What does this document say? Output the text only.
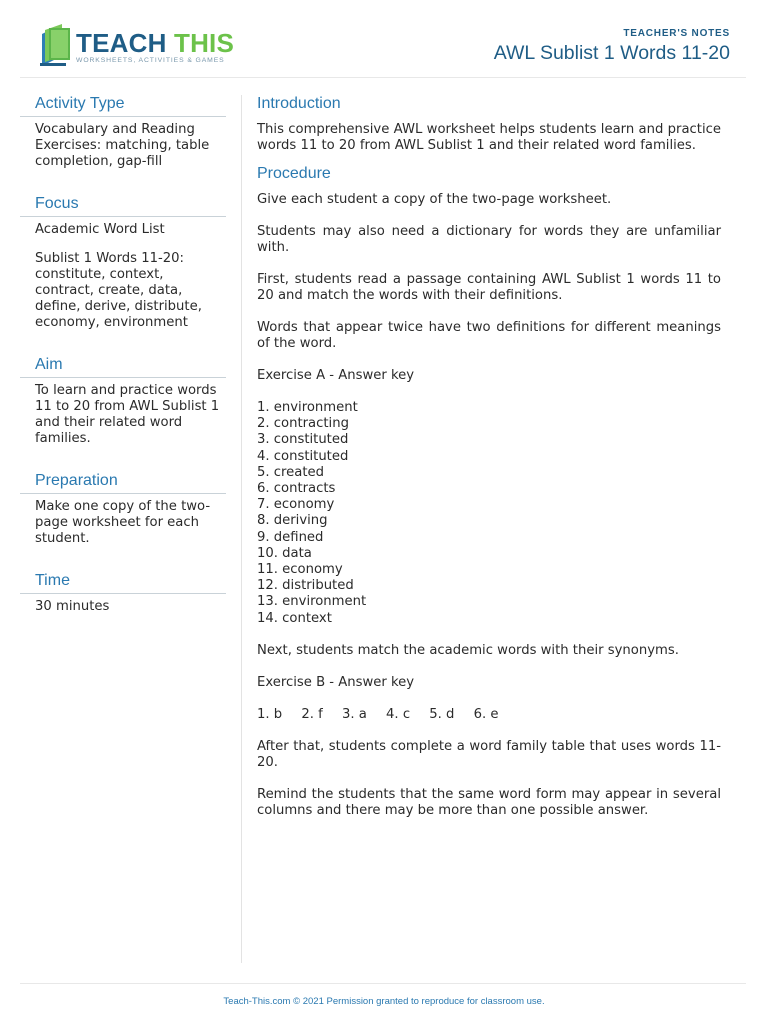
TEACH THIS
WORKSHEETS, ACTIVITIES & GAMES
TEACHER'S NOTES
AWL Sublist 1 Words 11-20
Activity Type

Vocabulary and Reading Exercises: matching, table completion, gap-fill

Focus

Academic Word List

Sublist 1 Words 11-20: constitute, context, contract, create, data, define, derive, distribute, economy, environment

Aim

To learn and practice words 11 to 20 from AWL Sublist 1 and their related word families.

Preparation

Make one copy of the two-page worksheet for each student.

Time

30 minutes

Introduction

This comprehensive AWL worksheet helps students learn and practice words 11 to 20 from AWL Sublist 1 and their related word families.

Procedure

Give each student a copy of the two-page worksheet.

Students may also need a dictionary for words they are unfamiliar with.

First, students read a passage containing AWL Sublist 1 words 11 to 20 and match the words with their definitions.

Words that appear twice have two definitions for different meanings of the word.

Exercise A - Answer key

1. environment
2. contracting
3. constituted
4. constituted
5. created
6. contracts
7. economy
8. deriving
9. defined
10. data
11. economy
12. distributed
13. environment
14. context

Next, students match the academic words with their synonyms.

Exercise B - Answer key

1. b 2. f 3. a 4. c 5. d 6. e

After that, students complete a word family table that uses words 11-20.

Remind the students that the same word form may appear in several columns and there may be more than one possible answer.

Teach-This.com © 2021 Permission granted to reproduce for classroom use.
